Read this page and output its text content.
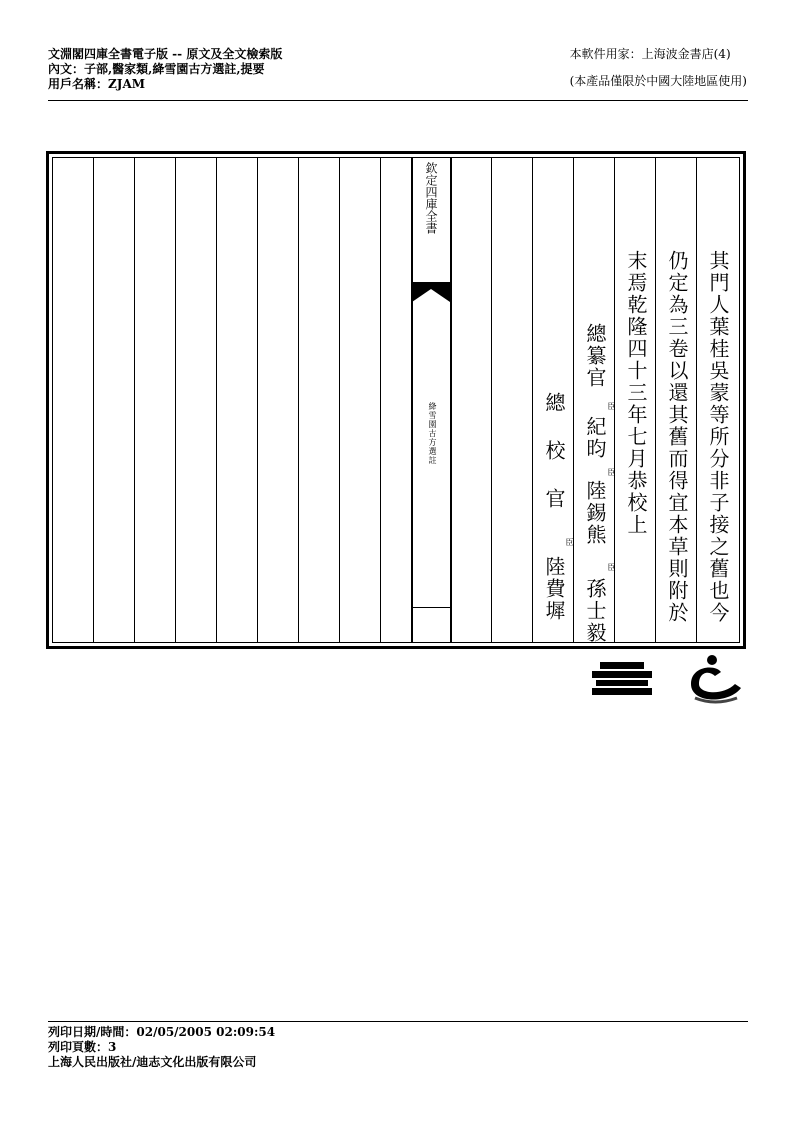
文淵閣四庫全書電子版 -- 原文及全文檢索版
內文：子部,醫家類,絳雪園古方選註,提要
用戶名稱：ZJAM
本軟件用家：上海波金書店(4)
(本產品僅限於中國大陸地區使用)
欽定四庫全書
絳雪園古方選註	其門人葉桂吳蒙等所分非子接之舊也今
仍定為三卷以還其舊而得宜本草則附於
末焉乾隆四十三年七月恭校上
總纂官
臣
紀昀
臣
陸錫熊
臣
孫士毅
總
校
官
臣
陸費墀
列印日期/時間：02/05/2005 02:09:54
列印頁數：3
上海人民出版社/迪志文化出版有限公司
